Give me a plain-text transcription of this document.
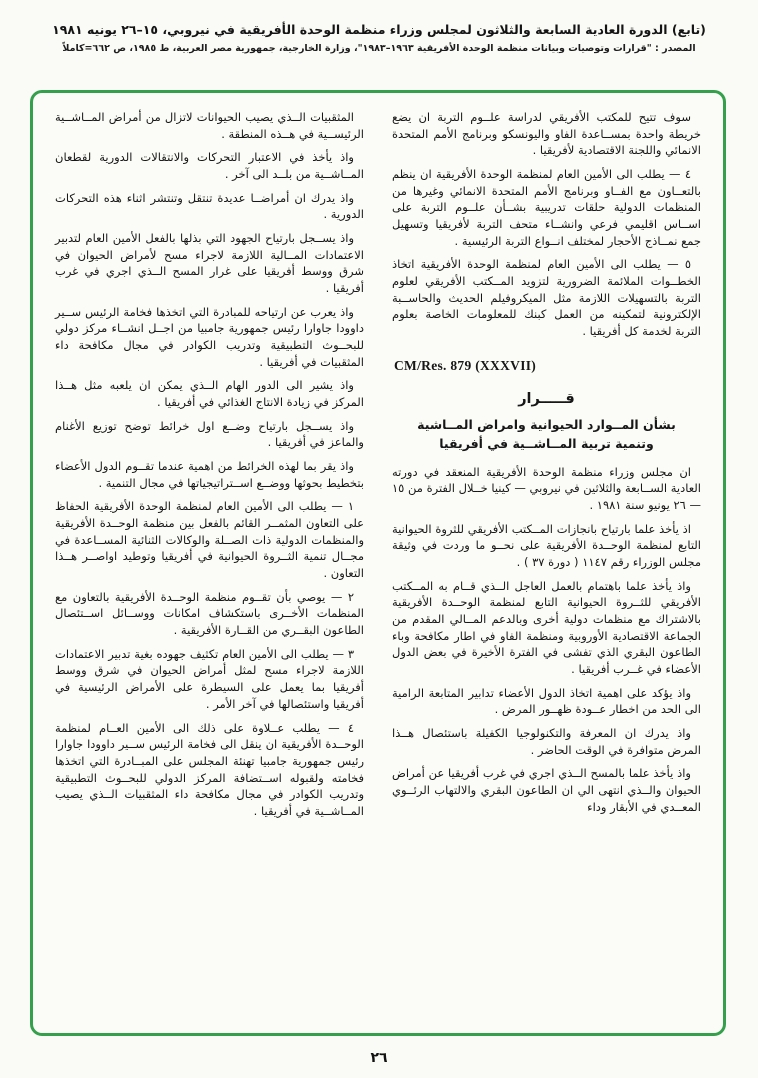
(تابع) الدورة العادية السابعة والثلاثون لمجلس وزراء منظمة الوحدة الأفريقية في نيروبي، ١٥–٢٦ يونيه ١٩٨١
المصدر : "قرارات وتوصيات وبيانات منظمة الوحدة الأفريقية ١٩٦٣–١٩٨٣"، وزارة الخارجية، جمهورية مصر العربية، ط ١٩٨٥، ص ٦٦٢=كاملاً

سوف تتيح للمكتب الأفريقي لدراسة علــوم التربة ان يضع خريطة واحدة بمســاعدة الفاو واليونسكو وبرنامج الأمم المتحدة الانمائي واللجنة الاقتصادية لأفريقيا .

٤ — يطلب الى الأمين العام لمنظمة الوحدة الأفريقية ان ينظم بالتعــاون مع الفــاو وبرنامج الأمم المتحدة الانمائي وغيرها من المنظمات الدولية حلقات تدريبية بشــأن علــوم التربة على اســاس اقليمي فرعي وانشــاء متحف التربة لأفريقيا وتسهيل جمع نمــاذج الأحجار لمختلف انــواع التربة الرئيسية .

٥ — يطلب الى الأمين العام لمنظمة الوحدة الأفريقية اتخاذ الخطــوات الملائمة الضرورية لتزويد المــكتب الأفريقي لعلوم التربة بالتسهيلات اللازمة مثل الميكروفيلم الحديث والحاســبة الإلكترونية لتمكينه من العمل كبنك للمعلومات الخاصة بعلوم التربة لخدمة كل أفريقيا .

CM/Res. 879 (XXXVII)
قـــــرار
بشأن المــوارد الحيوانية وامراض المــاشية
وتنمية تربية المــاشــية في أفريقيا

ان مجلس وزراء منظمة الوحدة الأفريقية المنعقد في دورته العادية الســابعة والثلاثين في نيروبي — كينيا خــلال الفترة من ١٥ — ٢٦ يونيو سنة ١٩٨١ .

اذ يأخذ علما بارتياح بانجازات المــكتب الأفريقي للثروة الحيوانية التابع لمنظمة الوحــدة الأفريقية على نحــو ما وردت في وثيقة مجلس الوزراء رقم ١١٤٧ ( دورة ٣٧ ) .

واذ يأخذ علما باهتمام بالعمل العاجل الــذي قــام به المــكتب الأفريقي للثــروة الحيوانية التابع لمنظمة الوحــدة الأفريقية بالاشتراك مع منظمات دولية أخرى وبالدعم المــالي المقدم من الجماعة الاقتصادية الأوروبية ومنظمة الفاو في اطار مكافحة وباء الطاعون البقري الذي تفشى في الفترة الأخيرة في بعض الدول الأعضاء في غــرب أفريقيا .

واذ يؤكد على اهمية اتخاذ الدول الأعضاء تدابير المتابعة الرامية الى الحد من اخطار عــودة ظهــور المرض .

واذ يدرك ان المعرفة والتكنولوجيا الكفيلة باستئصال هــذا المرض متوافرة في الوقت الحاضر .

واذ يأخذ علما بالمسح الــذي اجري في غرب أفريقيا عن أمراض الحيوان والــذي انتهى الي ان الطاعون البقري والالتهاب الرئــوي المعــدي في الأبقار وداء

المثقبيات الــذي يصيب الحيوانات لاتزال من أمراض المــاشــية الرئيســية في هــذه المنطقة .

واذ يأخذ في الاعتبار التحركات والانتقالات الدورية لقطعان المــاشــية من بلــد الى آخر .

واذ يدرك ان أمراضــا عديدة تنتقل وتنتشر اثناء هذه التحركات الدورية .

واذ يســجل بارتياح الجهود التي بذلها بالفعل الأمين العام لتدبير الاعتمادات المــالية اللازمة لاجراء مسح لأمراض الحيوان في شرق ووسط أفريقيا على غرار المسح الــذي اجري في غرب أفريقيا .

واذ يعرب عن ارتياحه للمبادرة التي اتخذها فخامة الرئيس ســير داوودا جاوارا رئيس جمهورية جامبيا من اجــل انشــاء مركز دولي للبحــوث التطبيقية وتدريب الكوادر في مجال مكافحة داء المثقبيات في أفريقيا .

واذ يشير الى الدور الهام الــذي يمكن ان يلعبه مثل هــذا المركز في زيادة الانتاج الغذائي في أفريقيا .

واذ يســجل بارتياح وضــع اول خرائط توضح توزيع الأغنام والماعز في أفريقيا .

واذ يقر بما لهذه الخرائط من اهمية عندما تقــوم الدول الأعضاء بتخطيط بحوثها ووضــع اســتراتيجياتها في مجال التنمية .

١ — يطلب الى الأمين العام لمنظمة الوحدة الأفريقية الحفاظ على التعاون المثمــر القائم بالفعل بين منظمة الوحــدة الأفريقية والمنظمات الدولية ذات الصــلة والوكالات الثنائية المســاعدة في مجــال تنمية الثــروة الحيوانية في أفريقيا وتوطيد اواصــر هــذا التعاون .

٢ — يوصي بأن تقــوم منظمة الوحــدة الأفريقية بالتعاون مع المنظمات الأخــرى باستكشاف امكانات ووســائل اســتئصال الطاعون البقــري من القــارة الأفريقية .

٣ — يطلب الى الأمين العام تكثيف جهوده بغية تدبير الاعتمادات اللازمة لاجراء مسح لمثل أمراض الحيوان في شرق ووسط أفريقيا بما يعمل على السيطرة على الأمراض الرئيسية في أفريقيا واستئصالها في آخر الأمر .

٤ — يطلب عــلاوة على ذلك الى الأمين العــام لمنظمة الوحــدة الأفريقية ان ينقل الى فخامة الرئيس ســير داوودا جاوارا رئيس جمهورية جامبيا تهنئة المجلس على المبــادرة التي اتخذها فخامته ولقبوله اســتضافة المركز الدولي للبحــوث التطبيقية وتدريب الكوادر في مجال مكافحة داء المثقبيات الــذي يصيب المــاشــية في أفريقيا .

٢٦
